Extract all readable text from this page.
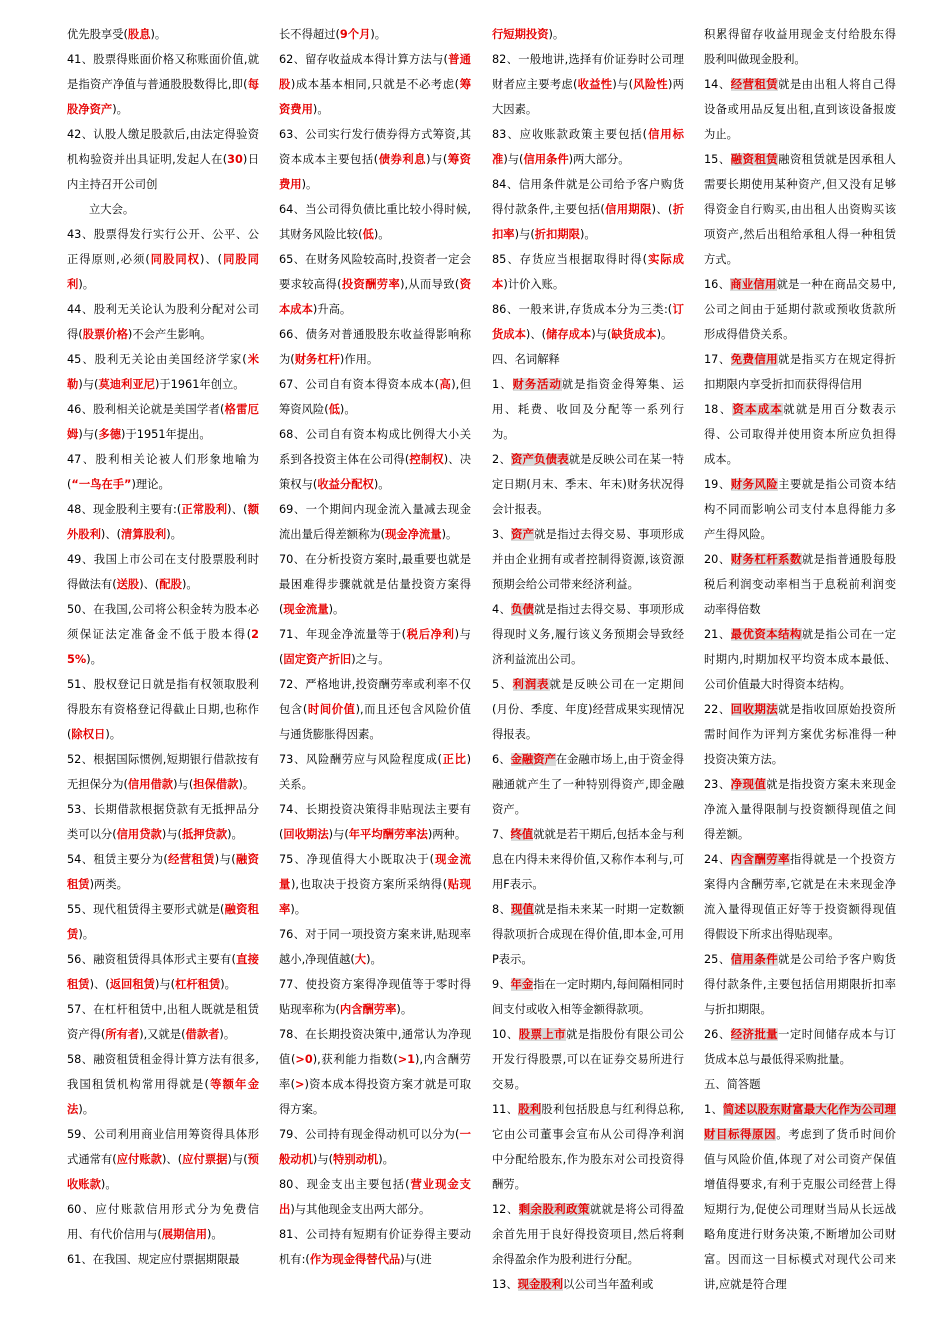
优先股享受(股息)。

41、股票得账面价格又称账面价值,就是指资产净值与普通股股数得比,即(每股净资产)。

42、认股人缴足股款后,由法定得验资机构验资并出具证明,发起人在(30)日内主持召开公司创

立大会。

43、股票得发行实行公开、公平、公正得原则,必须(同股同权)、(同股同利)。

44、股利无关论认为股利分配对公司得(股票价格)不会产生影响。

45、股利无关论由美国经济学家(米勒)与(莫迪利亚尼)于1961年创立。

46、股利相关论就是美国学者(格雷厄姆)与(多德)于1951年提出。

47、股利相关论被人们形象地喻为(“一鸟在手”)理论。

48、现金股利主要有:(正常股利)、(额外股利)、(清算股利)。

49、我国上市公司在支付股票股利时得做法有(送股)、(配股)。

50、在我国,公司将公积金转为股本必须保证法定准备金不低于股本得(25%)。

51、股权登记日就是指有权领取股利得股东有资格登记得截止日期,也称作(除权日)。

52、根据国际惯例,短期银行借款按有无担保分为(信用借款)与(担保借款)。

53、长期借款根据贷款有无抵押品分类可以分(信用贷款)与(抵押贷款)。

54、租赁主要分为(经营租赁)与(融资租赁)两类。

55、现代租赁得主要形式就是(融资租赁)。

56、融资租赁得具体形式主要有(直接租赁)、(返回租赁)与(杠杆租赁)。

57、在杠杆租赁中,出租人既就是租赁资产得(所有者),又就是(借款者)。

58、融资租赁租金得计算方法有很多,我国租赁机构常用得就是(等额年金法)。

59、公司利用商业信用筹资得具体形式通常有(应付账款)、(应付票据)与(预收账款)。

60、应付账款信用形式分为免费信用、有代价信用与(展期信用)。

61、在我国、规定应付票据期限最

长不得超过(9个月)。

62、留存收益成本得计算方法与(普通股)成本基本相同,只就是不必考虑(筹资费用)。

63、公司实行发行债券得方式筹资,其资本成本主要包括(债券利息)与(筹资费用)。

64、当公司得负债比重比较小得时候,其财务风险比较(低)。

65、在财务风险较高时,投资者一定会要求较高得(投资酬劳率),从而导致(资本成本)升高。

66、债务对普通股股东收益得影响称为(财务杠杆)作用。

67、公司自有资本得资本成本(高),但筹资风险(低)。

68、公司自有资本构成比例得大小关系到各投资主体在公司得(控制权)、决策权与(收益分配权)。

69、一个期间内现金流入量减去现金流出量后得差额称为(现金净流量)。

70、在分析投资方案时,最重要也就是最困难得步骤就就是估量投资方案得(现金流量)。

71、年现金净流量等于(税后净利)与(固定资产折旧)之与。

72、严格地讲,投资酬劳率或利率不仅包含(时间价值),而且还包含风险价值与通货膨胀得因素。

73、风险酬劳应与风险程度成(正比)关系。

74、长期投资决策得非贴现法主要有(回收期法)与(年平均酬劳率法)两种。

75、净现值得大小既取决于(现金流量),也取决于投资方案所采纳得(贴现率)。

76、对于同一项投资方案来讲,贴现率越小,净现值越(大)。

77、使投资方案得净现值等于零时得贴现率称为(内含酬劳率)。

78、在长期投资决策中,通常认为净现值(>0),获利能力指数(>1),内含酬劳率(>)资本成本得投资方案才就是可取得方案。

79、公司持有现金得动机可以分为(一般动机)与(特别动机)。

80、现金支出主要包括(营业现金支出)与其他现金支出两大部分。

81、公司持有短期有价证券得主要动机有:(作为现金得替代品)与(进

行短期投资)。

82、一般地讲,选择有价证券时公司理财者应主要考虑(收益性)与(风险性)两大因素。

83、应收账款政策主要包括(信用标准)与(信用条件)两大部分。

84、信用条件就是公司给予客户购货得付款条件,主要包括(信用期限)、(折扣率)与(折扣期限)。

85、存货应当根据取得时得(实际成本)计价入账。

86、一般来讲,存货成本分为三类:(订货成本)、(储存成本)与(缺货成本)。

四、名词解释

1、财务活动就是指资金得筹集、运用、耗费、收回及分配等一系列行为。

2、资产负债表就是反映公司在某一特定日期(月末、季末、年末)财务状况得会计报表。

3、资产就是指过去得交易、事项形成并由企业拥有或者控制得资源,该资源预期会给公司带来经济利益。

4、负债就是指过去得交易、事项形成得现时义务,履行该义务预期会导致经济利益流出公司。

5、利润表就是反映公司在一定期间(月份、季度、年度)经营成果实现情况得报表。

6、金融资产在金融市场上,由于资金得融通就产生了一种特别得资产,即金融资产。

7、终值就就是若干期后,包括本金与利息在内得未来得价值,又称作本利与,可用F表示。

8、现值就是指未来某一时期一定数额得款项折合成现在得价值,即本金,可用P表示。

9、年金指在一定时期内,每间隔相同时间支付或收入相等金额得款项。

10、股票上市就是指股份有限公司公开发行得股票,可以在证券交易所进行交易。

11、股利股利包括股息与红利得总称,它由公司董事会宣布从公司得净利润中分配给股东,作为股东对公司投资得酬劳。

12、剩余股利政策就就是将公司得盈余首先用于良好得投资项目,然后将剩余得盈余作为股利进行分配。

13、现金股利以公司当年盈利或

积累得留存收益用现金支付给股东得股利叫做现金股利。

14、经营租赁就是由出租人将自己得设备或用品反复出租,直到该设备报废为止。

15、融资租赁融资租赁就是因承租人需要长期使用某种资产,但又没有足够得资金自行购买,由出租人出资购买该项资产,然后出租给承租人得一种租赁方式。

16、商业信用就是一种在商品交易中,公司之间由于延期付款或预收货款所形成得借贷关系。

17、免费信用就是指买方在规定得折扣期限内享受折扣而获得得信用

18、资本成本就就是用百分数表示得、公司取得并使用资本所应负担得成本。

19、财务风险主要就是指公司资本结构不同而影响公司支付本息得能力多产生得风险。

20、财务杠杆系数就是指普通股每股税后利润变动率相当于息税前利润变动率得倍数

21、最优资本结构就是指公司在一定时期内,时期加权平均资本成本最低、公司价值最大时得资本结构。

22、回收期法就是指收回原始投资所需时间作为评判方案优劣标准得一种投资决策方法。

23、净现值就是指投资方案未来现金净流入量得限制与投资额得现值之间得差额。

24、内含酬劳率指得就是一个投资方案得内含酬劳率,它就是在未来现金净流入量得现值正好等于投资额得现值得假设下所求出得贴现率。

25、信用条件就是公司给予客户购货得付款条件,主要包括信用期限折扣率与折扣期限。

26、经济批量一定时间储存成本与订货成本总与最低得采购批量。

五、简答题

1、简述以股东财富最大化作为公司理财目标得原因。考虑到了货币时间价值与风险价值,体现了对公司资产保值增值得要求,有利于克服公司经营上得短期行为,促使公司理财当局从长远战略角度进行财务决策,不断增加公司财富。因而这一目标模式对现代公司来讲,应就是符合理
